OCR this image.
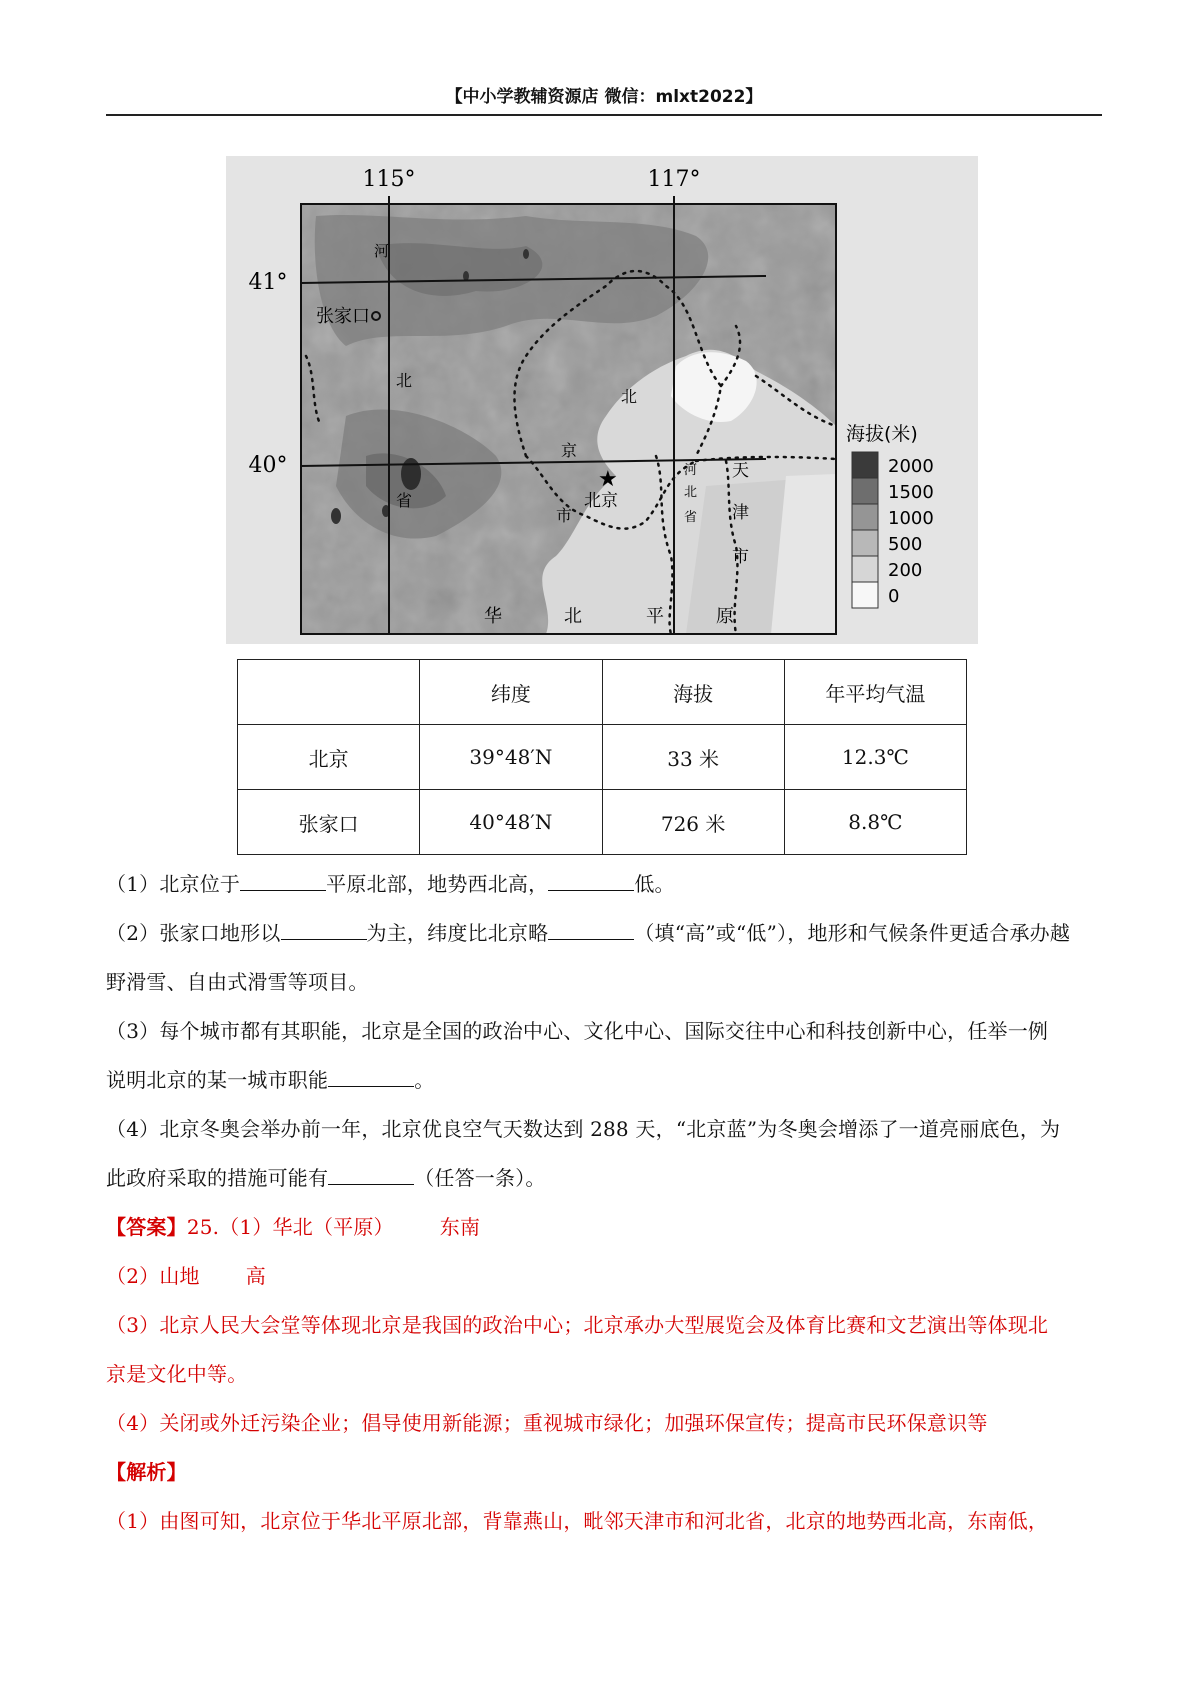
【中小学教辅资源店 微信：mlxt2022】
115°	117°
41°
40°
张家口
河
北
省
北
京
市
★
北京
河
北
省
天
津
市
华	北	平	原
海拔(米)
2000
1500
1000
500
200
0
	纬度	海拔	年平均气温
北京	39°48′N	33 米	12.3℃
张家口	40°48′N	726 米	8.8℃
（1）北京位于	平原北部，地势西北高，	低。
（2）张家口地形以	为主，纬度比北京略	（填“高”或“低”），地形和气候条件更适合承办越
野滑雪、自由式滑雪等项目。
（3）每个城市都有其职能，北京是全国的政治中心、文化中心、国际交往中心和科技创新中心，任举一例
说明北京的某一城市职能	。
（4）北京冬奥会举办前一年，北京优良空气天数达到 288 天，“北京蓝”为冬奥会增添了一道亮丽底色，为
此政府采取的措施可能有	（任答一条）。
【答案】25.（1）华北（平原） 东南
（2）山地 高
（3）北京人民大会堂等体现北京是我国的政治中心；北京承办大型展览会及体育比赛和文艺演出等体现北
京是文化中等。
（4）关闭或外迁污染企业；倡导使用新能源；重视城市绿化；加强环保宣传；提高市民环保意识等
【解析】
（1）由图可知，北京位于华北平原北部，背靠燕山，毗邻天津市和河北省，北京的地势西北高，东南低，
